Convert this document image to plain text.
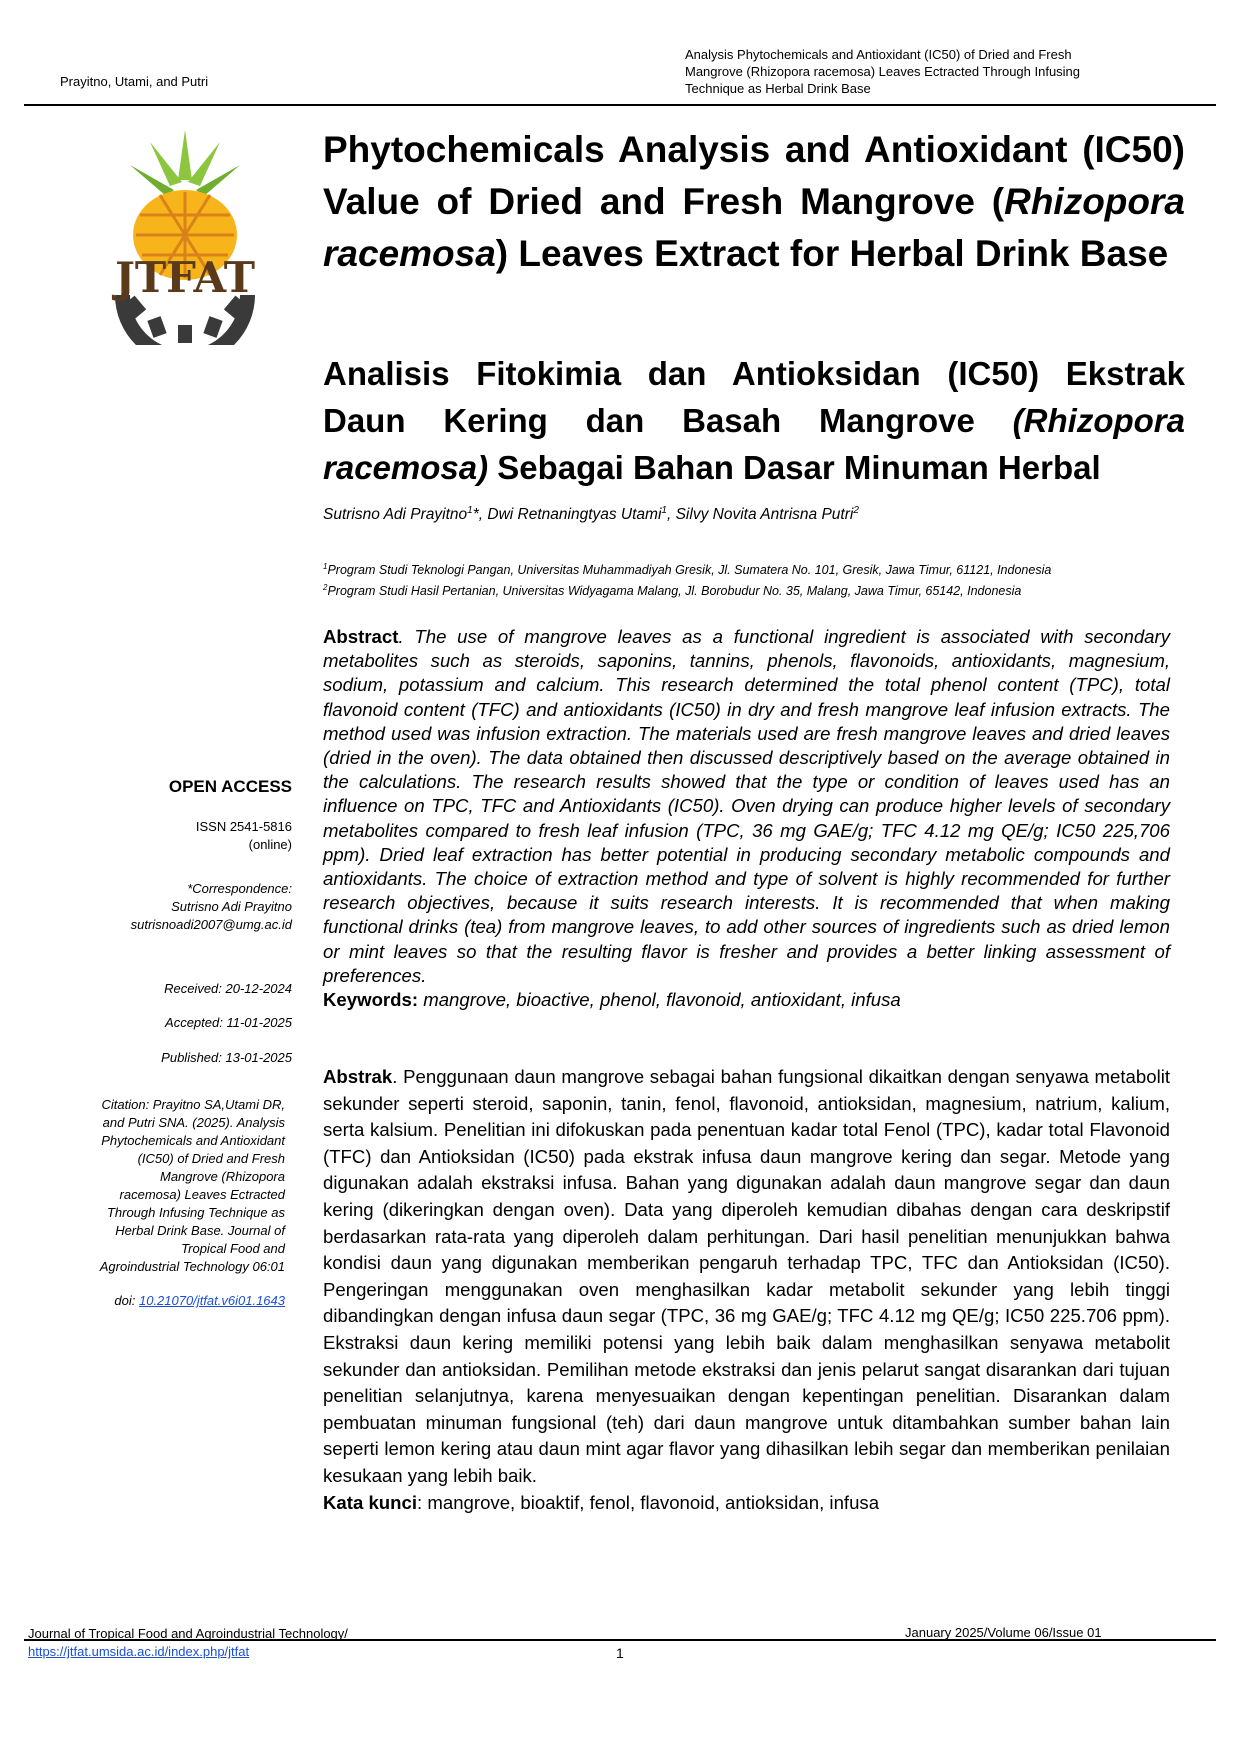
Prayitno, Utami, and Putri
Analysis Phytochemicals and Antioxidant (IC50) of Dried and Fresh
Mangrove (Rhizopora racemosa) Leaves Ectracted Through Infusing
Technique as Herbal Drink Base
JTFAT
Phytochemicals Analysis and Antioxidant (IC50) Value of Dried and Fresh Mangrove (Rhizopora racemosa) Leaves Extract for Herbal Drink Base
Analisis Fitokimia dan Antioksidan (IC50) Ekstrak Daun Kering dan Basah Mangrove (Rhizopora racemosa) Sebagai Bahan Dasar Minuman Herbal
Sutrisno Adi Prayitno$^1$*, Dwi Retnaningtyas Utami$^1$, Silvy Novita Antrisna Putri$^2$
$^1$Program Studi Teknologi Pangan, Universitas Muhammadiyah Gresik, Jl. Sumatera No. 101, Gresik, Jawa Timur, 61121, Indonesia
$^2$Program Studi Hasil Pertanian, Universitas Widyagama Malang, Jl. Borobudur No. 35, Malang, Jawa Timur, 65142, Indonesia
OPEN ACCESS
ISSN 2541-5816
(online)
*Correspondence:
Sutrisno Adi Prayitno
sutrisnoadi2007@umg.ac.id
Received: 20-12-2024
Accepted: 11-01-2025
Published: 13-01-2025
Citation: Prayitno SA,Utami DR,
and Putri SNA. (2025). Analysis
Phytochemicals and Antioxidant
(IC50) of Dried and Fresh
Mangrove (Rhizopora
racemosa) Leaves Ectracted
Through Infusing Technique as
Herbal Drink Base. Journal of
Tropical Food and
Agroindustrial Technology 06:01
doi: 10.21070/jtfat.v6i01.1643
Abstract. The use of mangrove leaves as a functional ingredient is associated with secondary metabolites such as steroids, saponins, tannins, phenols, flavonoids, antioxidants, magnesium, sodium, potassium and calcium. This research determined the total phenol content (TPC), total flavonoid content (TFC) and antioxidants (IC50) in dry and fresh mangrove leaf infusion extracts. The method used was infusion extraction. The materials used are fresh mangrove leaves and dried leaves (dried in the oven). The data obtained then discussed descriptively based on the average obtained in the calculations. The research results showed that the type or condition of leaves used has an influence on TPC, TFC and Antioxidants (IC50). Oven drying can produce higher levels of secondary metabolites compared to fresh leaf infusion (TPC, 36 mg GAE/g; TFC 4.12 mg QE/g; IC50 225,706 ppm). Dried leaf extraction has better potential in producing secondary metabolic compounds and antioxidants. The choice of extraction method and type of solvent is highly recommended for further research objectives, because it suits research interests. It is recommended that when making functional drinks (tea) from mangrove leaves, to add other sources of ingredients such as dried lemon or mint leaves so that the resulting flavor is fresher and provides a better linking assessment of preferences.
Keywords: mangrove, bioactive, phenol, flavonoid, antioxidant, infusa
Abstrak. Penggunaan daun mangrove sebagai bahan fungsional dikaitkan dengan senyawa metabolit sekunder seperti steroid, saponin, tanin, fenol, flavonoid, antioksidan, magnesium, natrium, kalium, serta kalsium. Penelitian ini difokuskan pada penentuan kadar total Fenol (TPC), kadar total Flavonoid (TFC) dan Antioksidan (IC50) pada ekstrak infusa daun mangrove kering dan segar. Metode yang digunakan adalah ekstraksi infusa. Bahan yang digunakan adalah daun mangrove segar dan daun kering (dikeringkan dengan oven). Data yang diperoleh kemudian dibahas dengan cara deskripstif berdasarkan rata-rata yang diperoleh dalam perhitungan. Dari hasil penelitian menunjukkan bahwa kondisi daun yang digunakan memberikan pengaruh terhadap TPC, TFC dan Antioksidan (IC50). Pengeringan menggunakan oven menghasilkan kadar metabolit sekunder yang lebih tinggi dibandingkan dengan infusa daun segar (TPC, 36 mg GAE/g; TFC 4.12 mg QE/g; IC50 225.706 ppm). Ekstraksi daun kering memiliki potensi yang lebih baik dalam menghasilkan senyawa metabolit sekunder dan antioksidan. Pemilihan metode ekstraksi dan jenis pelarut sangat disarankan dari tujuan penelitian selanjutnya, karena menyesuaikan dengan kepentingan penelitian. Disarankan dalam pembuatan minuman fungsional (teh) dari daun mangrove untuk ditambahkan sumber bahan lain seperti lemon kering atau daun mint agar flavor yang dihasilkan lebih segar dan memberikan penilaian kesukaan yang lebih baik.
Kata kunci: mangrove, bioaktif, fenol, flavonoid, antioksidan, infusa
Journal of Tropical Food and Agroindustrial Technology/
https://jtfat.umsida.ac.id/index.php/jtfat	1
January 2025/Volume 06/Issue 01
